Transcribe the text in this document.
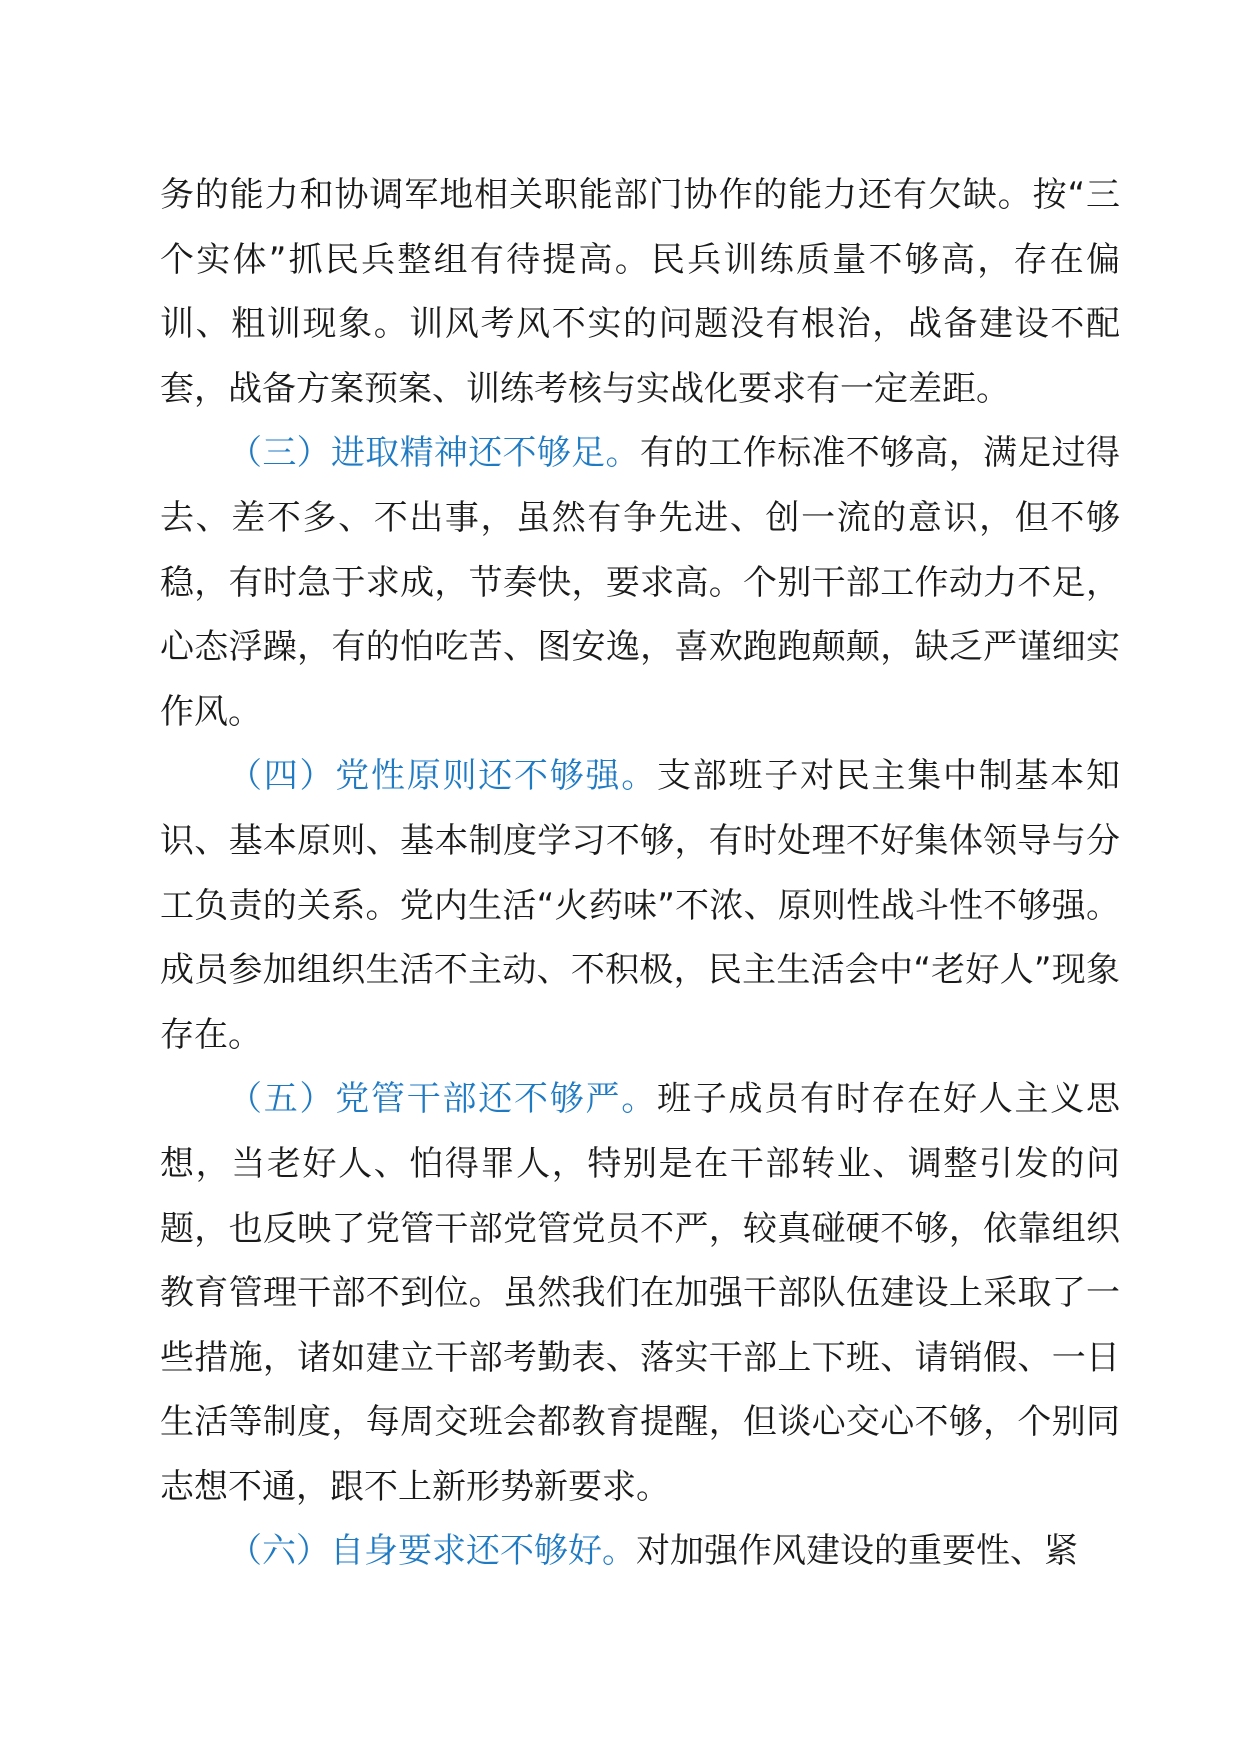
务的能力和协调军地相关职能部门协作的能力还有欠缺。按“三个实体”抓民兵整组有待提高。民兵训练质量不够高，存在偏训、粗训现象。训风考风不实的问题没有根治，战备建设不配套，战备方案预案、训练考核与实战化要求有一定差距。

（三）进取精神还不够足。有的工作标准不够高，满足过得去、差不多、不出事，虽然有争先进、创一流的意识，但不够稳，有时急于求成，节奏快，要求高。个别干部工作动力不足，心态浮躁，有的怕吃苦、图安逸，喜欢跑跑颠颠，缺乏严谨细实作风。

（四）党性原则还不够强。支部班子对民主集中制基本知识、基本原则、基本制度学习不够，有时处理不好集体领导与分工负责的关系。党内生活“火药味”不浓、原则性战斗性不够强。成员参加组织生活不主动、不积极，民主生活会中“老好人”现象存在。

（五）党管干部还不够严。班子成员有时存在好人主义思想，当老好人、怕得罪人，特别是在干部转业、调整引发的问题，也反映了党管干部党管党员不严，较真碰硬不够，依靠组织教育管理干部不到位。虽然我们在加强干部队伍建设上采取了一些措施，诸如建立干部考勤表、落实干部上下班、请销假、一日生活等制度，每周交班会都教育提醒，但谈心交心不够，个别同志想不通，跟不上新形势新要求。

（六）自身要求还不够好。对加强作风建设的重要性、紧
